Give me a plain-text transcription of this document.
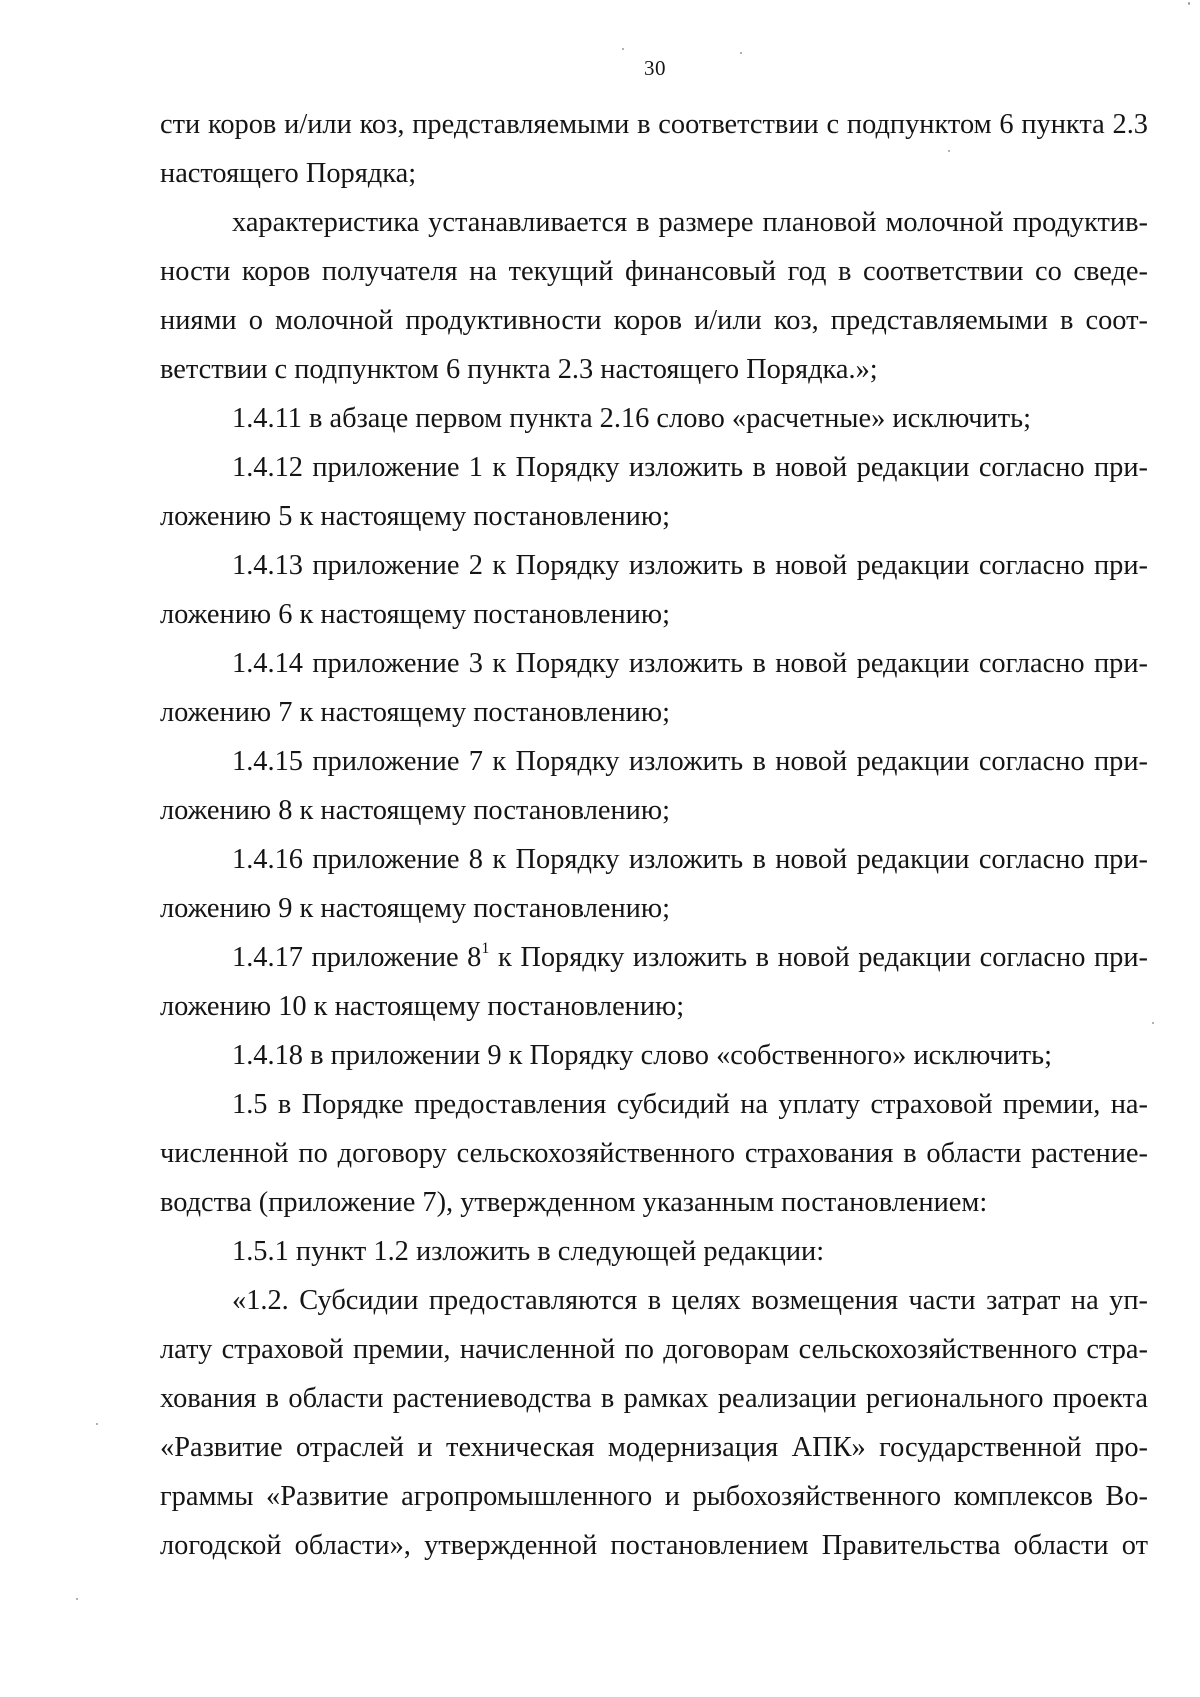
30
сти коров и/или коз, представляемыми в соответствии с подпунктом 6 пункта 2.3
настоящего Порядка;
характеристика устанавливается в размере плановой молочной продуктив-
ности коров получателя на текущий финансовый год в соответствии со сведе-
ниями о молочной продуктивности коров и/или коз, представляемыми в соот-
ветствии с подпунктом 6 пункта 2.3 настоящего Порядка.»;
1.4.11 в абзаце первом пункта 2.16 слово «расчетные» исключить;
1.4.12 приложение 1 к Порядку изложить в новой редакции согласно при-
ложению 5 к настоящему постановлению;
1.4.13 приложение 2 к Порядку изложить в новой редакции согласно при-
ложению 6 к настоящему постановлению;
1.4.14 приложение 3 к Порядку изложить в новой редакции согласно при-
ложению 7 к настоящему постановлению;
1.4.15 приложение 7 к Порядку изложить в новой редакции согласно при-
ложению 8 к настоящему постановлению;
1.4.16 приложение 8 к Порядку изложить в новой редакции согласно при-
ложению 9 к настоящему постановлению;
1.4.17 приложение $8^1$ к Порядку изложить в новой редакции согласно при-
ложению 10 к настоящему постановлению;
1.4.18 в приложении 9 к Порядку слово «собственного» исключить;
1.5 в Порядке предоставления субсидий на уплату страховой премии, на-
численной по договору сельскохозяйственного страхования в области растение-
водства (приложение 7), утвержденном указанным постановлением:
1.5.1 пункт 1.2 изложить в следующей редакции:
«1.2. Субсидии предоставляются в целях возмещения части затрат на уп-
лату страховой премии, начисленной по договорам сельскохозяйственного стра-
хования в области растениеводства в рамках реализации регионального проекта
«Развитие отраслей и техническая модернизация АПК» государственной про-
граммы «Развитие агропромышленного и рыбохозяйственного комплексов Во-
логодской области», утвержденной постановлением Правительства области от
